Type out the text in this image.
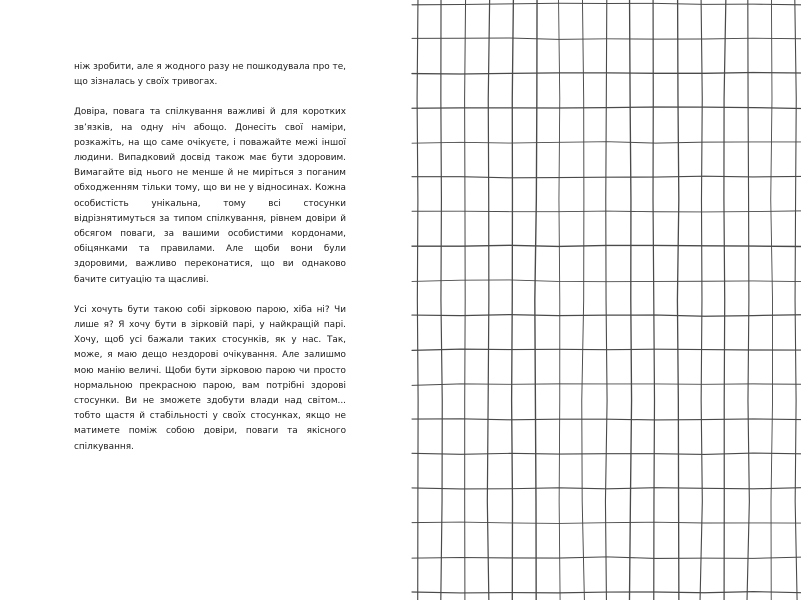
ніж зробити, але я жодного разу не пошкодувала про те, що зізналась у своїх тривогах.

Довіра, повага та спілкування важливі й для коротких зв’язків, на одну ніч абощо. Донесіть свої наміри, розкажіть, на що саме очікуєте, і поважайте межі іншої людини. Випадковий досвід також має бути здоровим. Вимагайте від нього не менше й не миріться з поганим обходженням тільки тому, що ви не у відносинах. Кожна особистість унікальна, тому всі стосунки відрізнятимуться за типом спілкування, рівнем довіри й обсягом поваги, за вашими особистими кордонами, обіцянками та правилами. Але щоби вони були здоровими, важливо переконатися, що ви однаково бачите ситуацію та щасливі.

Усі хочуть бути такою собі зірковою парою, хіба ні? Чи лише я? Я хочу бути в зірковій парі, у найкращій парі. Хочу, щоб усі бажали таких стосунків, як у нас. Так, може, я маю дещо нездорові очікування. Але залишмо мою манію величі. Щоби бути зірковою парою чи просто нормальною прекрасною парою, вам потрібні здорові стосунки. Ви не зможете здобути влади над світом... тобто щастя й стабільності у своїх стосунках, якщо не матимете поміж собою довіри, поваги та якісного спілкування.
